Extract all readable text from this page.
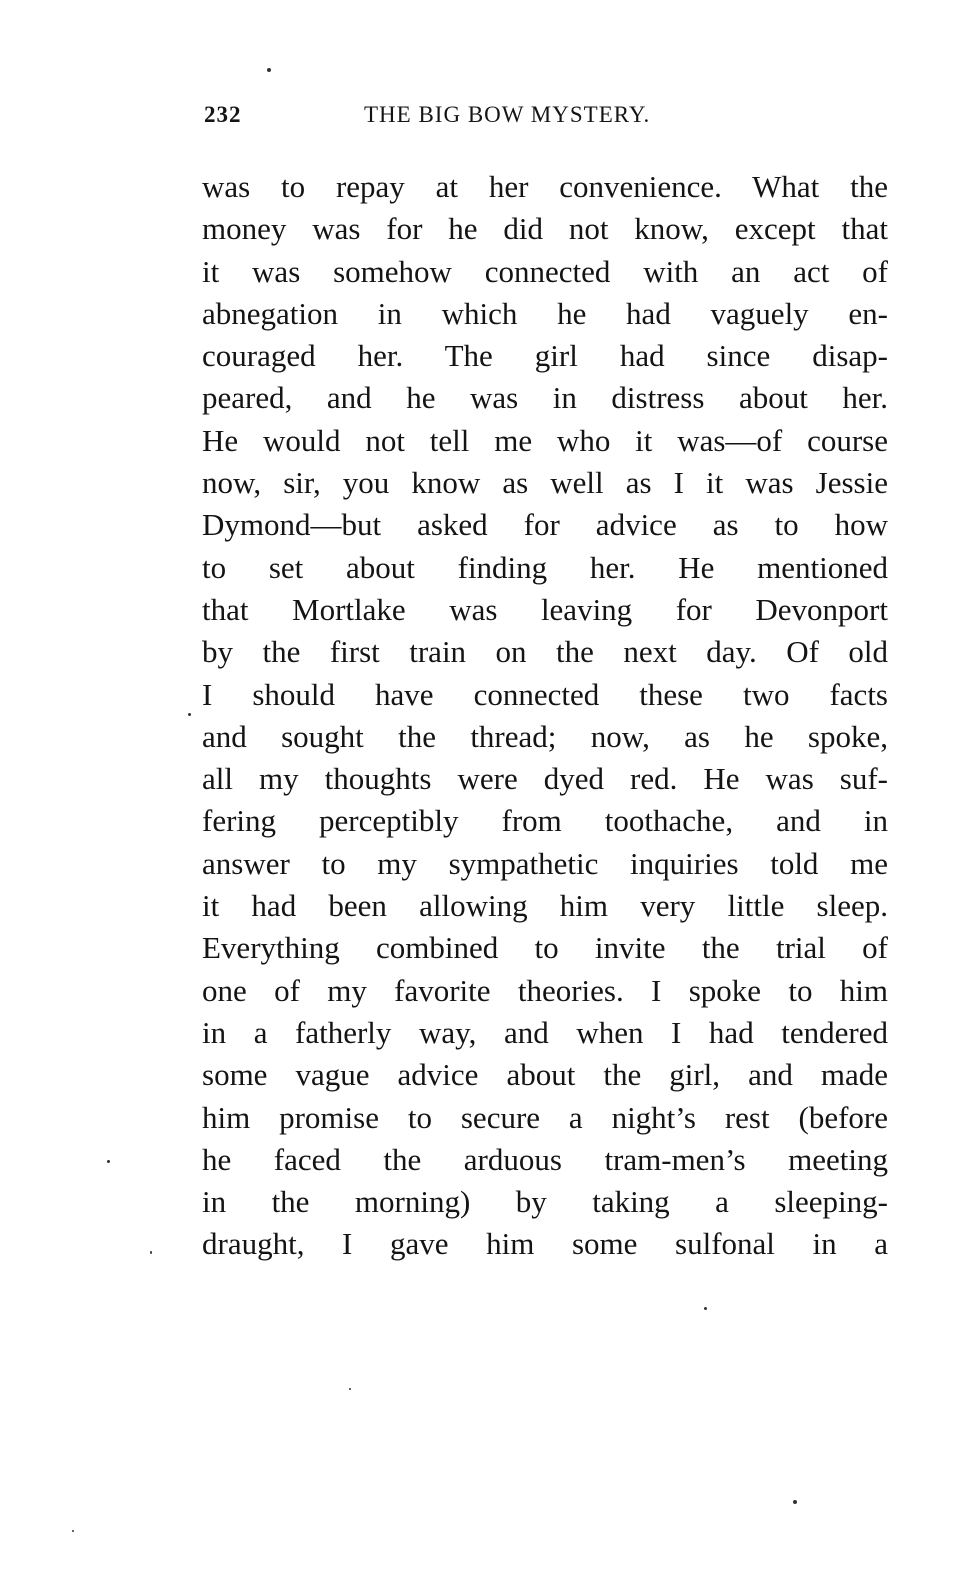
232	THE BIG BOW MYSTERY.
was to repay at her convenience. What the
money was for he did not know, except that
it was somehow connected with an act of
abnegation in which he had vaguely en-
couraged her. The girl had since disap-
peared, and he was in distress about her.
He would not tell me who it was—of course
now, sir, you know as well as I it was Jessie
Dymond—but asked for advice as to how
to set about finding her. He mentioned
that Mortlake was leaving for Devonport
by the first train on the next day. Of old
I should have connected these two facts
and sought the thread; now, as he spoke,
all my thoughts were dyed red. He was suf-
fering perceptibly from toothache, and in
answer to my sympathetic inquiries told me
it had been allowing him very little sleep.
Everything combined to invite the trial of
one of my favorite theories. I spoke to him
in a fatherly way, and when I had tendered
some vague advice about the girl, and made
him promise to secure a night’s rest (before
he faced the arduous tram-men’s meeting
in the morning) by taking a sleeping-
draught, I gave him some sulfonal in a
